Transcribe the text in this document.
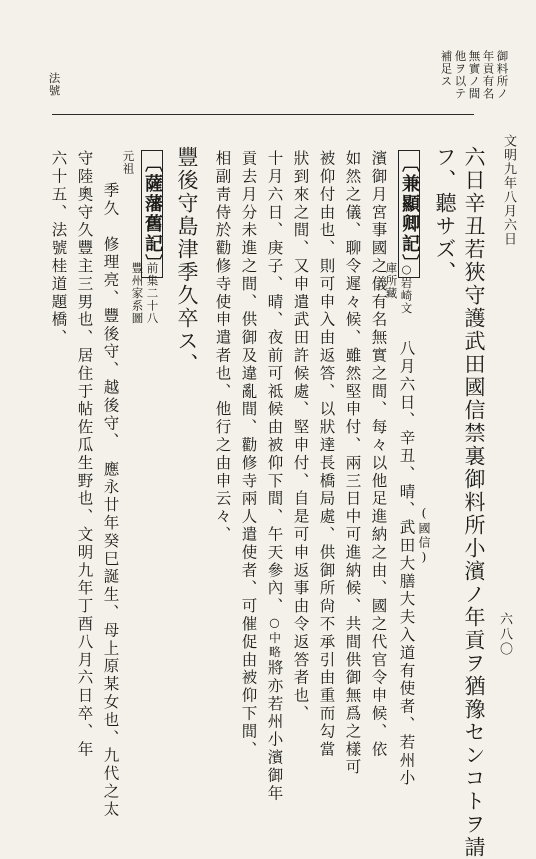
六八〇
文明九年八月六日
御料所ノ
年貢有名
無實ノ間
他ヲ以テ
補足ス
法號
六日辛丑若狹守護武田國信禁裏御料所小濱ノ年貢ヲ猶豫センコトヲ請
フ、聽サズ、
〔兼顯卿記〕
○岩崎文
庫所藏
八月六日、辛丑、晴、武田大膳大夫入道有使者、若州小 (國信)
濱御月宮事國之儀有名無實之間、每々以他足進納之由、國之代官令申候、依
如然之儀、聊令遲々候、雖然堅申付、兩三日中可進納候、共間供御無爲之樣可
被仰付由也、則可申入由返答、以狀達長橋局處、供御所尙不承引由重而勾當
狀到來之間、又申遣武田許候處、堅申付、自是可申返事由令返答者也、
十月六日、庚子、晴、夜前可祗候由被仰下間、午天參內、○中略將亦若州小濱御年
貢去月分未進之間、供御及違亂間、勸修寺兩人遣使者、可催促由被仰下間、
相副靑侍於勸修寺使申遣者也、他行之由申云々、
豐後守島津季久卒ス、
〔薩藩舊記〕
前集二十八
豐州家系圖
元祖
季久　修理亮、豐後守、越後守、　應永廿年癸巳誕生、母上原某女也、九代之太
守陸奧守久豐主三男也、居住于帖佐瓜生野也、文明九年丁酉八月六日卒、年
六十五、法號桂道題橋、
